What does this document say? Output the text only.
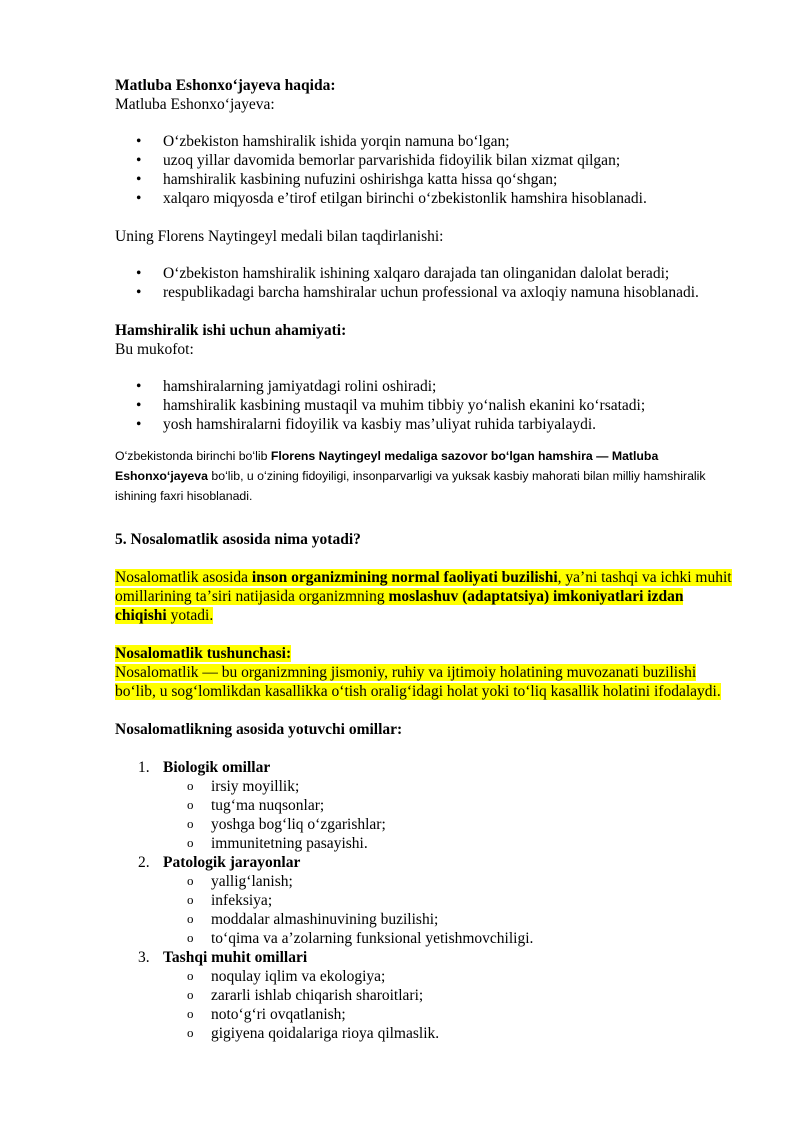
Matluba Eshonxoʻjayeva haqida:

Matluba Eshonxoʻjayeva:

• Oʻzbekiston hamshiralik ishida yorqin namuna boʻlgan;
• uzoq yillar davomida bemorlar parvarishida fidoyilik bilan xizmat qilgan;
• hamshiralik kasbining nufuzini oshirishga katta hissa qoʻshgan;
• xalqaro miqyosda eʼtirof etilgan birinchi oʻzbekistonlik hamshira hisoblanadi.

Uning Florens Naytingeyl medali bilan taqdirlanishi:

• Oʻzbekiston hamshiralik ishining xalqaro darajada tan olinganidan dalolat beradi;
• respublikadagi barcha hamshiralar uchun professional va axloqiy namuna hisoblanadi.

Hamshiralik ishi uchun ahamiyati:

Bu mukofot:

• hamshiralarning jamiyatdagi rolini oshiradi;
• hamshiralik kasbining mustaqil va muhim tibbiy yoʻnalish ekanini koʻrsatadi;
• yosh hamshiralarni fidoyilik va kasbiy masʼuliyat ruhida tarbiyalaydi.

Oʻzbekistonda birinchi boʻlib Florens Naytingeyl medaliga sazovor boʻlgan hamshira — Matluba Eshonxoʻjayeva boʻlib, u oʻzining fidoyiligi, insonparvarligi va yuksak kasbiy mahorati bilan milliy hamshiralik ishining faxri hisoblanadi.

5. Nosalomatlik asosida nima yotadi?

Nosalomatlik asosida inson organizmining normal faoliyati buzilishi, yaʼni tashqi va ichki muhit omillarining taʼsiri natijasida organizmning moslashuv (adaptatsiya) imkoniyatlari izdan chiqishi yotadi.

Nosalomatlik tushunchasi:

Nosalomatlik — bu organizmning jismoniy, ruhiy va ijtimoiy holatining muvozanati buzilishi boʻlib, u sogʻlomlikdan kasallikka oʻtish oraligʻidagi holat yoki toʻliq kasallik holatini ifodalaydi.

Nosalomatlikning asosida yotuvchi omillar:

1. Biologik omillar
o irsiy moyillik;
o tugʻma nuqsonlar;
o yoshga bogʻliq oʻzgarishlar;
o immunitetning pasayishi.
2. Patologik jarayonlar
o yalligʻlanish;
o infeksiya;
o moddalar almashinuvining buzilishi;
o toʻqima va aʼzolarning funksional yetishmovchiligi.
3. Tashqi muhit omillari
o noqulay iqlim va ekologiya;
o zararli ishlab chiqarish sharoitlari;
o notoʻgʻri ovqatlanish;
o gigiyena qoidalariga rioya qilmaslik.
